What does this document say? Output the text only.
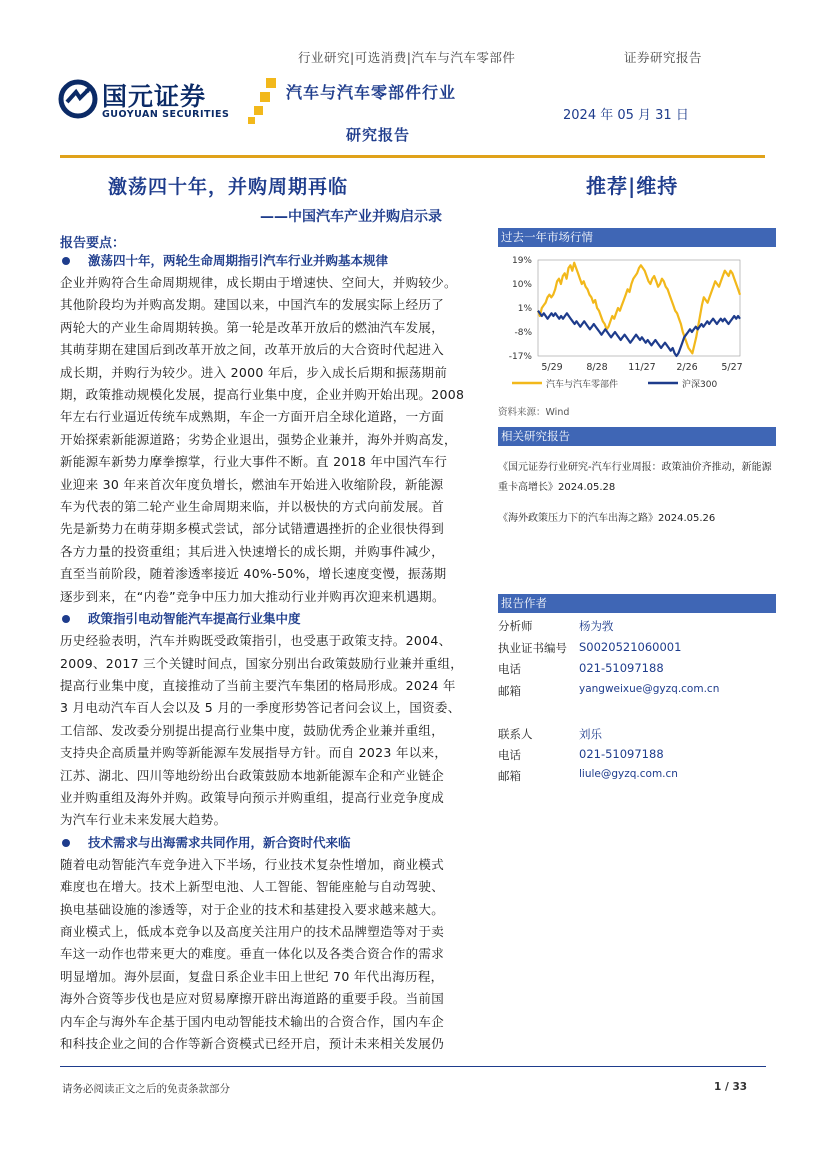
行业研究|可选消费|汽车与汽车零部件	证券研究报告
国元证券
GUOYUAN SECURITIES
汽车与汽车零部件行业
2024 年 05 月 31 日
研究报告
激荡四十年，并购周期再临	推荐|维持
——中国汽车产业并购启示录
报告要点：
激荡四十年，两轮生命周期指引汽车行业并购基本规律
企业并购符合生命周期规律，成长期由于增速快、空间大，并购较少。
其他阶段均为并购高发期。建国以来，中国汽车的发展实际上经历了
两轮大的产业生命周期转换。第一轮是改革开放后的燃油汽车发展，
其萌芽期在建国后到改革开放之间，改革开放后的大合资时代起进入
成长期，并购行为较少。进入 2000 年后，步入成长后期和振荡期前
期，政策推动规模化发展，提高行业集中度，企业并购开始出现。2008
年左右行业逼近传统车成熟期，车企一方面开启全球化道路，一方面
开始探索新能源道路；劣势企业退出，强势企业兼并，海外并购高发，
新能源车新势力摩拳擦掌，行业大事件不断。直 2018 年中国汽车行
业迎来 30 年来首次年度负增长，燃油车开始进入收缩阶段，新能源
车为代表的第二轮产业生命周期来临，并以极快的方式向前发展。首
先是新势力在萌芽期多模式尝试，部分试错遭遇挫折的企业很快得到
各方力量的投资重组；其后进入快速增长的成长期，并购事件减少，
直至当前阶段，随着渗透率接近 40%-50%，增长速度变慢，振荡期
逐步到来，在“内卷”竞争中压力加大推动行业并购再次迎来机遇期。
政策指引电动智能汽车提高行业集中度
历史经验表明，汽车并购既受政策指引，也受惠于政策支持。2004、
2009、2017 三个关键时间点，国家分别出台政策鼓励行业兼并重组，
提高行业集中度，直接推动了当前主要汽车集团的格局形成。2024 年
3 月电动汽车百人会以及 5 月的一季度形势答记者问会议上，国资委、
工信部、发改委分别提出提高行业集中度，鼓励优秀企业兼并重组，
支持央企高质量并购等新能源车发展指导方针。而自 2023 年以来，
江苏、湖北、四川等地纷纷出台政策鼓励本地新能源车企和产业链企
业并购重组及海外并购。政策导向预示并购重组，提高行业竞争度成
为汽车行业未来发展大趋势。
技术需求与出海需求共同作用，新合资时代来临
随着电动智能汽车竞争进入下半场，行业技术复杂性增加，商业模式
难度也在增大。技术上新型电池、人工智能、智能座舱与自动驾驶、
换电基础设施的渗透等，对于企业的技术和基建投入要求越来越大。
商业模式上，低成本竞争以及高度关注用户的技术品牌塑造等对于卖
车这一动作也带来更大的难度。垂直一体化以及各类合资合作的需求
明显增加。海外层面，复盘日系企业丰田上世纪 70 年代出海历程，
海外合资等步伐也是应对贸易摩擦开辟出海道路的重要手段。当前国
内车企与海外车企基于国内电动智能技术输出的合资合作，国内车企
和科技企业之间的合作等新合资模式已经开启，预计未来相关发展仍
过去一年市场行情
19%
10%
1%
-8%
-17%
5/29 8/28 11/27 2/26 5/27
汽车与汽车零部件	沪深300
资料来源：Wind
相关研究报告
《国元证券行业研究-汽车行业周报：政策油价齐推动，新能源
重卡高增长》2024.05.28
《海外政策压力下的汽车出海之路》2024.05.26
报告作者
分析师	杨为敩
执业证书编号 S0020521060001
电话	021-51097188
邮箱	yangweixue@gyzq.com.cn
联系人	刘乐
电话	021-51097188
邮箱	liule@gyzq.com.cn
请务必阅读正文之后的免责条款部分	1 / 33
